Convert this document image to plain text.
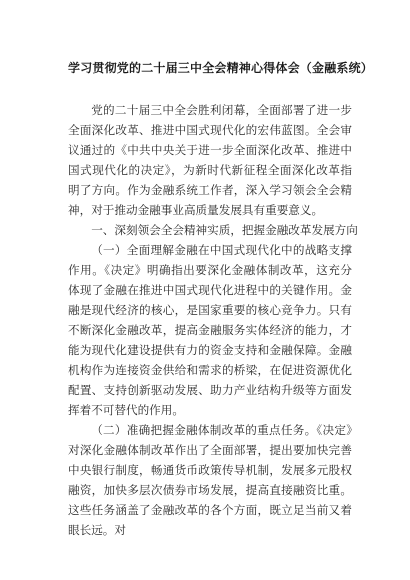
学习贯彻党的二十届三中全会精神心得体会（金融系统）

党的二十届三中全会胜利闭幕，全面部署了进一步全面深化改革、推进中国式现代化的宏伟蓝图。全会审议通过的《中共中央关于进一步全面深化改革、推进中国式现代化的决定》，为新时代新征程全面深化改革指明了方向。作为金融系统工作者，深入学习领会全会精神，对于推动金融事业高质量发展具有重要意义。

一、深刻领会全会精神实质，把握金融改革发展方向

（一）全面理解金融在中国式现代化中的战略支撑作用。《决定》明确指出要深化金融体制改革，这充分体现了金融在推进中国式现代化进程中的关键作用。金融是现代经济的核心，是国家重要的核心竞争力。只有不断深化金融改革，提高金融服务实体经济的能力，才能为现代化建设提供有力的资金支持和金融保障。金融机构作为连接资金供给和需求的桥梁，在促进资源优化配置、支持创新驱动发展、助力产业结构升级等方面发挥着不可替代的作用。

（二）准确把握金融体制改革的重点任务。《决定》对深化金融体制改革作出了全面部署，提出要加快完善中央银行制度，畅通货币政策传导机制，发展多元股权融资，加快多层次债券市场发展，提高直接融资比重。这些任务涵盖了金融改革的各个方面，既立足当前又着眼长远。对
